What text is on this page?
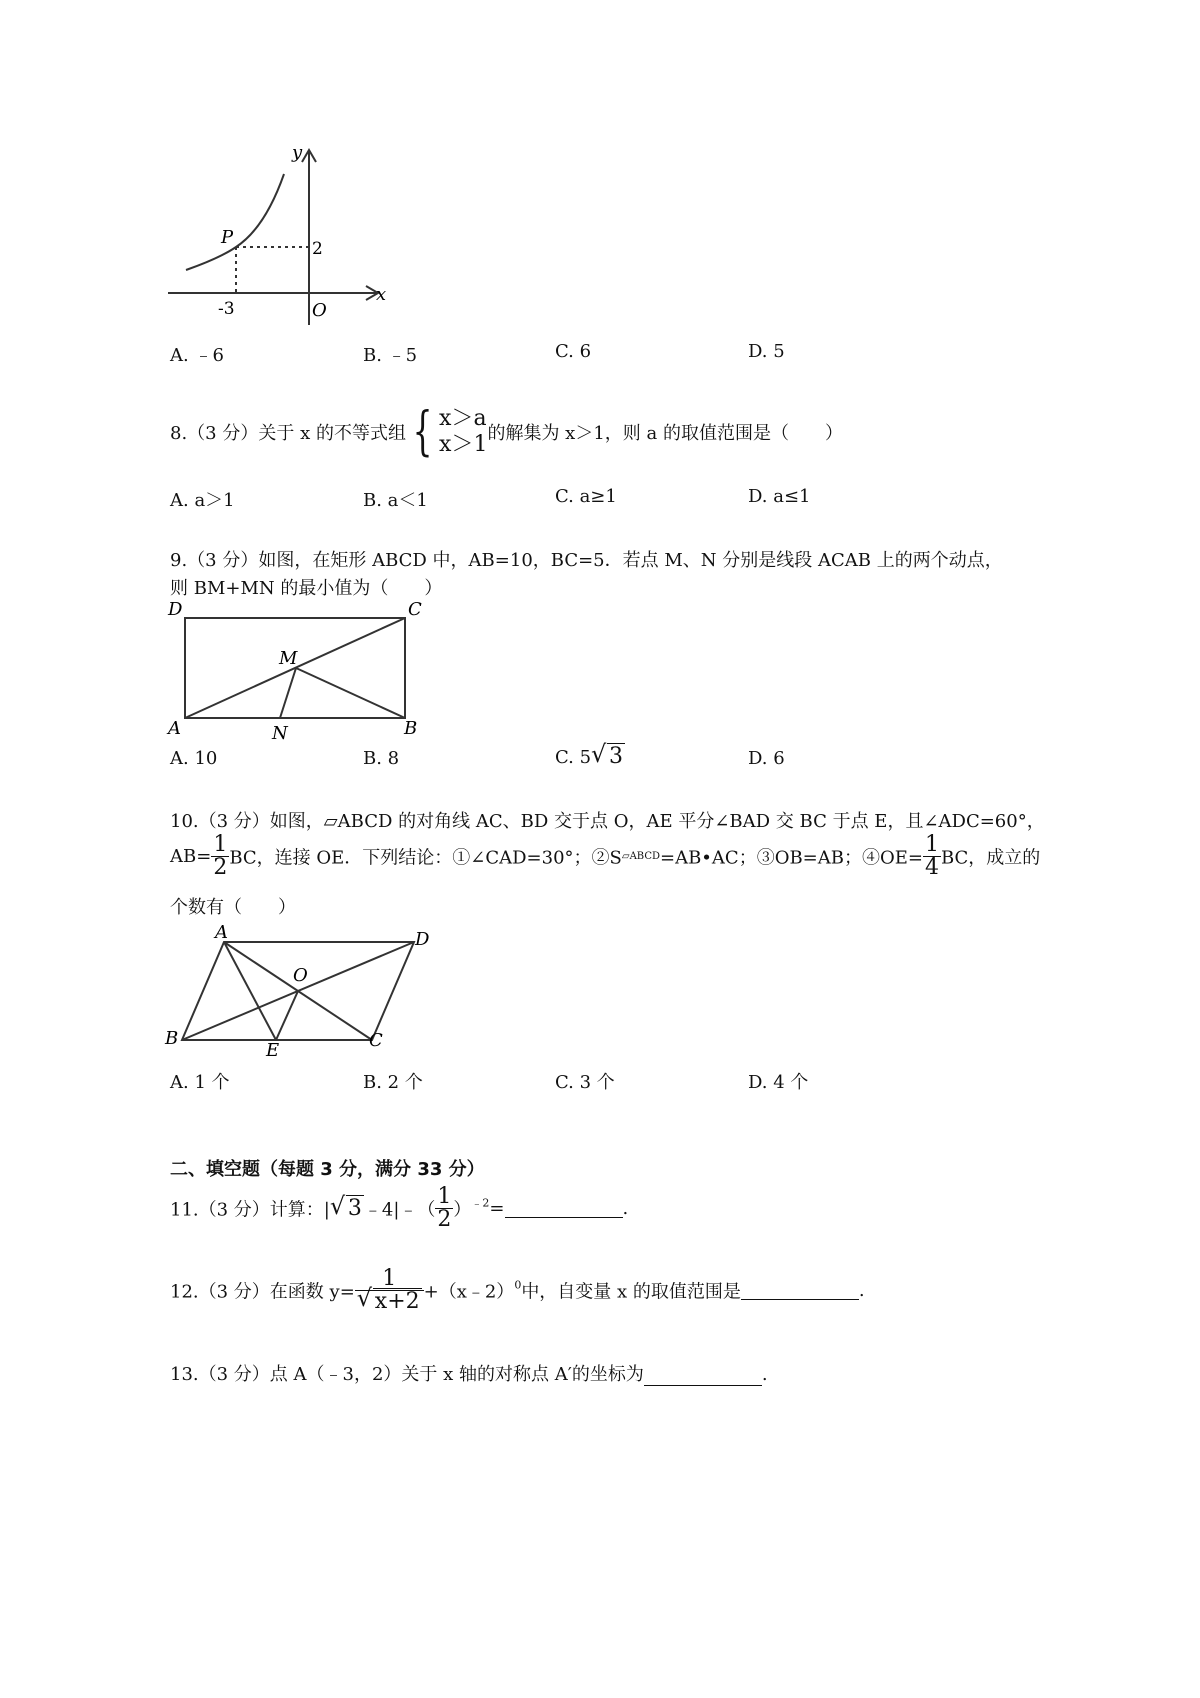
y
x
P
2
-3	O
A. ﹣6	B. ﹣5	C. 6	D. 5
8.（3 分）关于 x 的不等式组 { x＞a
x＞1 的解集为 x＞1，则 a 的取值范围是（　　）
A. a＞1	B. a＜1	C. a≥1	D. a≤1
9.（3 分）如图，在矩形 ABCD 中，AB=10，BC=5．若点 M、N 分别是线段 ACAB 上的两个动点，
则 BM+MN 的最小值为（　　）
D	C
M
A	N	B
A. 10	B. 8	C. 5 √ 3	D. 6
10.（3 分）如图，▱ABCD 的对角线 AC、BD 交于点 O，AE 平分∠BAD 交 BC 于点 E，且∠ADC=60°，
$AB= \frac{1}{2}$ BC，连接 OE．下列结论：①∠CAD=30°；②S▱ABCD=AB•AC；③OB=AB；④OE= $\frac{1}{4}$ BC，成立的
个数有（　　）
A	D
O
B
E	C
A. 1 个	B. 2 个	C. 3 个	D. 4 个
二、填空题（每题 3 分，满分 33 分）
11.（3 分）计算：| √ 3 ﹣4|﹣（ $\frac{1}{2} )^{﹣2}=$	.
12.（3 分）在函数 $y= \frac{1}{√ x+2}$ +（x﹣2）$^0$中，自变量 x 的取值范围是	.
13.（3 分）点 A（﹣3，2）关于 x 轴的对称点 A′的坐标为	.
